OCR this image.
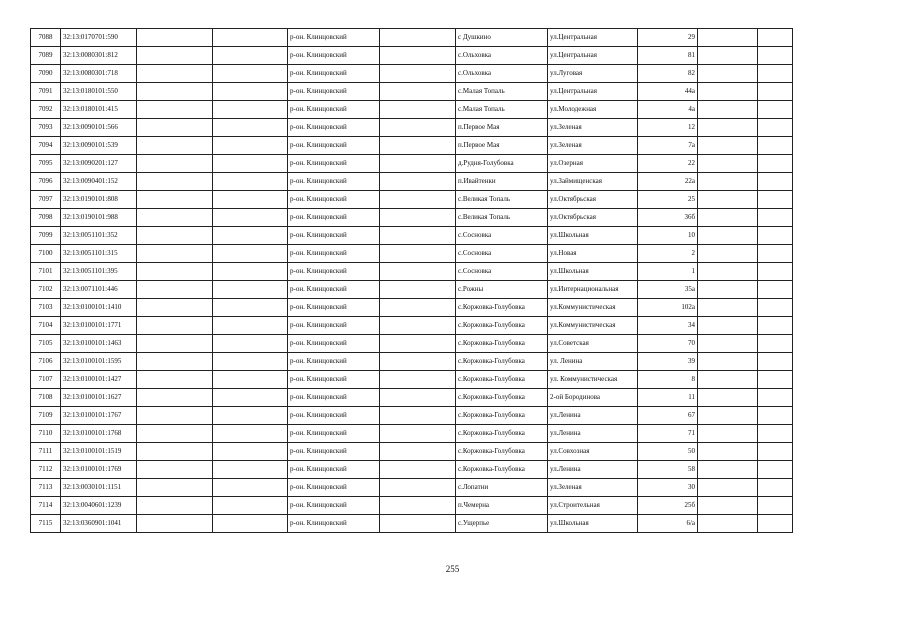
7088	32:13:0170701:590			р-он. Клинцовский		с Душкино	ул.Центральная	29		
7089	32:13:0080301:812			р-он. Клинцовский		с.Ольховка	ул.Центральная	81		
7090	32:13:0080301:718			р-он. Клинцовский		с.Ольховка	ул.Луговая	82		
7091	32:13:0180101:550			р-он. Клинцовский		с.Малая Топаль	ул.Центральная	44а		
7092	32:13:0180101:415			р-он. Клинцовский		с.Малая Топаль	ул.Молодежная	4а		
7093	32:13:0090101:566			р-он. Клинцовский		п.Первое Мая	ул.Зеленая	12		
7094	32:13:0090101:539			р-он. Клинцовский		п.Первое Мая	ул.Зеленая	7а		
7095	32:13:0090201:127			р-он. Клинцовский		д.Рудня-Голубовка	ул.Озерная	22		
7096	32:13:0090401:152			р-он. Клинцовский		п.Ивайтенки	ул.Займищенская	22а		
7097	32:13:0190101:808			р-он. Клинцовский		с.Великая Топаль	ул.Октябрьская	25		
7098	32:13:0190101:988			р-он. Клинцовский		с.Великая Топаль	ул.Октябрьская	36б		
7099	32:13:0051101:352			р-он. Клинцовский		с.Сосновка	ул.Школьная	10		
7100	32:13:0051101:315			р-он. Клинцовский		с.Сосновка	ул.Новая	2		
7101	32:13:0051101:395			р-он. Клинцовский		с.Сосновка	ул.Школьная	1		
7102	32:13:0071101:446			р-он. Клинцовский		с.Рожны	ул.Интернациональная	35а		
7103	32:13:0100101:1410			р-он. Клинцовский		с.Коржовка-Голубовка	ул.Коммунистическая	102а		
7104	32:13:0100101:1771			р-он. Клинцовский		с.Коржовка-Голубовка	ул.Коммунистическая	34		
7105	32:13:0100101:1463			р-он. Клинцовский		с.Коржовка-Голубовка	ул.Советская	70		
7106	32:13:0100101:1595			р-он. Клинцовский		с.Коржовка-Голубовка	ул. Ленина	39		
7107	32:13:0100101:1427			р-он. Клинцовский		с.Коржовка-Голубовка	ул. Коммунистическая	8		
7108	32:13:0100101:1627			р-он. Клинцовский		с.Коржовка-Голубовка	2-ой Бородинова	11		
7109	32:13:0100101:1767			р-он. Клинцовский		с.Коржовка-Голубовка	ул.Ленина	67		
7110	32:13:0100101:1768			р-он. Клинцовский		с.Коржовка-Голубовка	ул.Ленина	71		
7111	32:13:0100101:1519			р-он. Клинцовский		с.Коржовка-Голубовка	ул.Совхозная	50		
7112	32:13:0100101:1769			р-он. Клинцовский		с.Коржовка-Голубовка	ул.Ленина	58		
7113	32:13:0030101:1151			р-он. Клинцовский		с.Лопатни	ул.Зеленая	30		
7114	32:13:0040601:1239			р-он. Клинцовский		п.Чемерна	ул.Строительная	25б		
7115	32:13:0360901:1041			р-он. Клинцовский		с.Ущерпье	ул.Школьная	6/а		
255
